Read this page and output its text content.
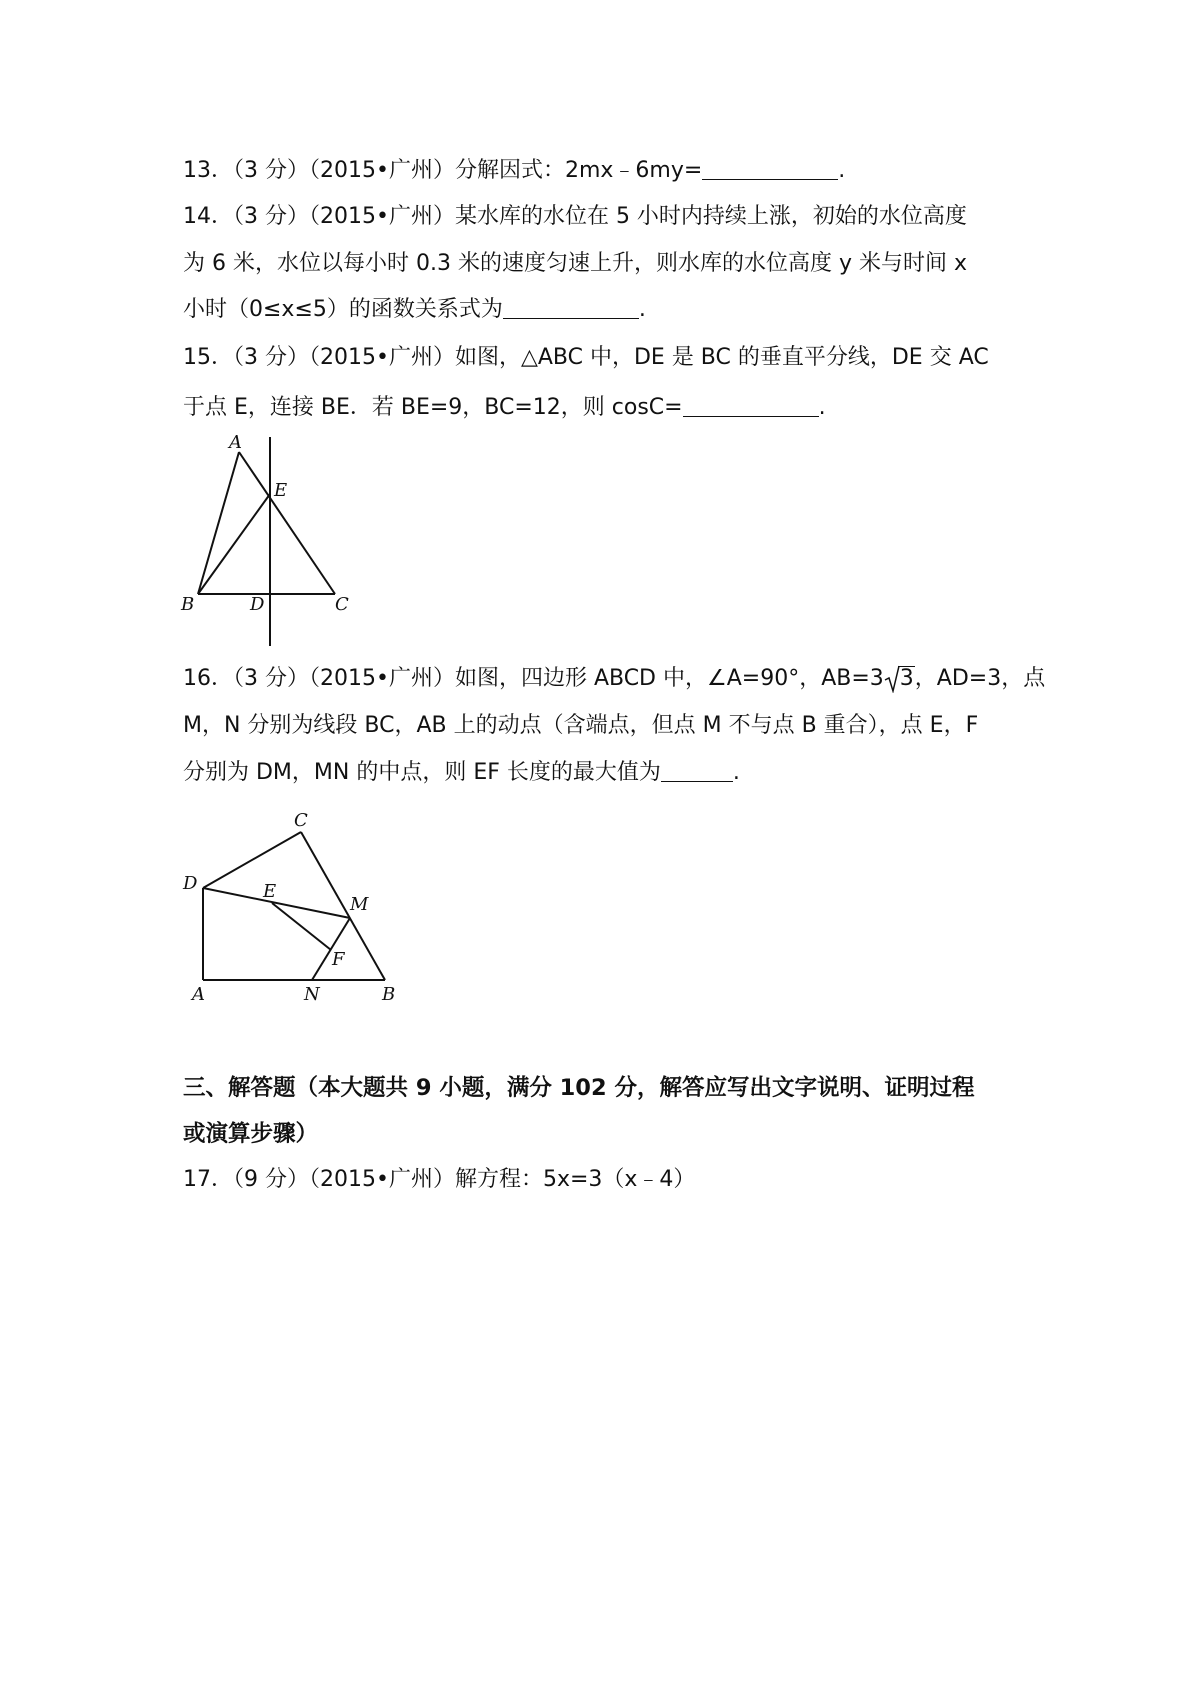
13．（3 分）（2015•广州）分解因式：2mx﹣6my=	.
14．（3 分）（2015•广州）某水库的水位在 5 小时内持续上涨，初始的水位高度
为 6 米，水位以每小时 0.3 米的速度匀速上升，则水库的水位高度 y 米与时间 x
小时（0≤x≤5）的函数关系式为	.
15．（3 分）（2015•广州）如图，△ABC 中，DE 是 BC 的垂直平分线，DE 交 AC
于点 E，连接 BE．若 BE=9，BC=12，则 cosC=	.
A
E
B	D	C
16．（3 分）（2015•广州）如图，四边形 ABCD 中，∠A=90°，AB=3 3，AD=3，点
M，N 分别为线段 BC，AB 上的动点（含端点，但点 M 不与点 B 重合），点 E，F
分别为 DM，MN 的中点，则 EF 长度的最大值为	.
C
D	E
M
F
A	N	B
三、解答题（本大题共 9 小题，满分 102 分，解答应写出文字说明、证明过程
或演算步骤）
17．（9 分）（2015•广州）解方程：5x=3（x﹣4）
